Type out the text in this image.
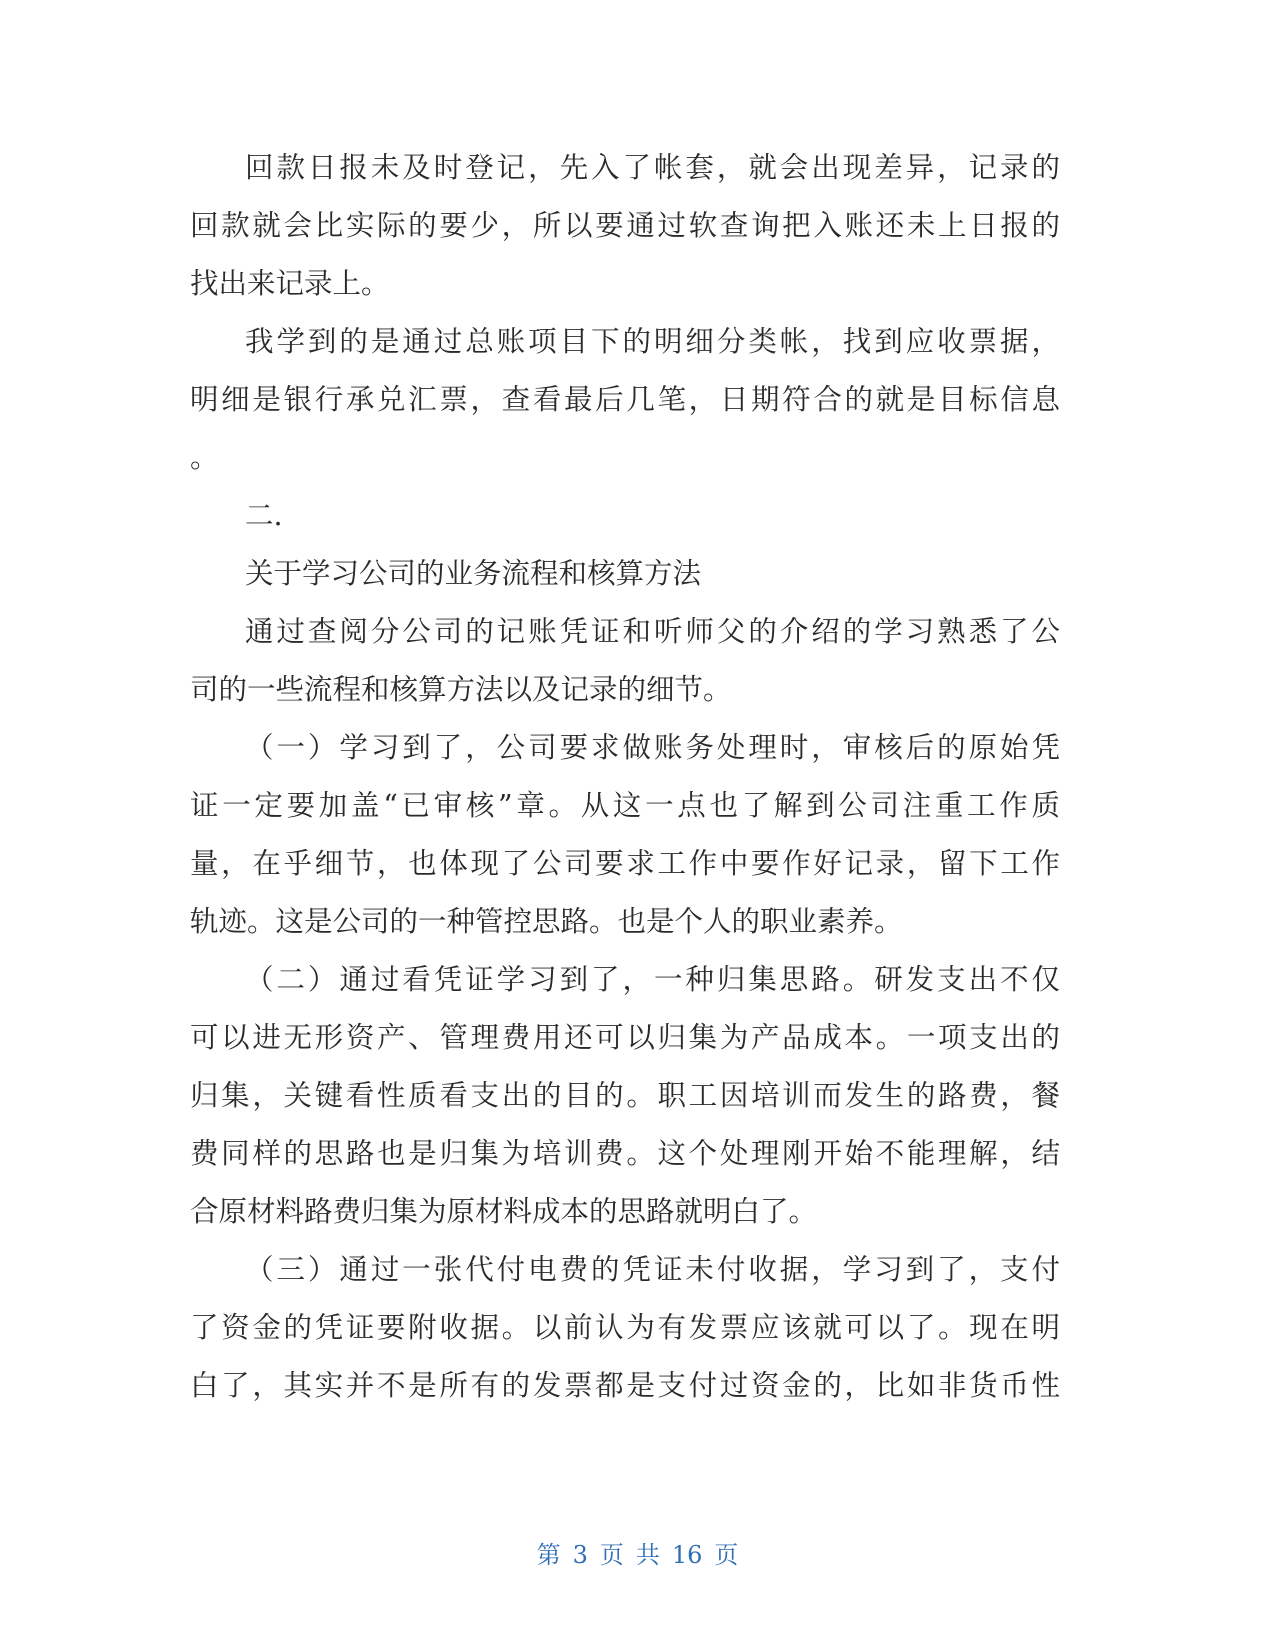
回款日报未及时登记，先入了帐套，就会出现差异，记录的
回款就会比实际的要少，所以要通过软查询把入账还未上日报的
找出来记录上。
我学到的是通过总账项目下的明细分类帐，找到应收票据，
明细是银行承兑汇票，查看最后几笔，日期符合的就是目标信息
。
二.
关于学习公司的业务流程和核算方法
通过查阅分公司的记账凭证和听师父的介绍的学习熟悉了公
司的一些流程和核算方法以及记录的细节。
（一）学习到了，公司要求做账务处理时，审核后的原始凭
证一定要加盖“已审核”章。从这一点也了解到公司注重工作质
量，在乎细节，也体现了公司要求工作中要作好记录，留下工作
轨迹。这是公司的一种管控思路。也是个人的职业素养。
（二）通过看凭证学习到了，一种归集思路。研发支出不仅
可以进无形资产、管理费用还可以归集为产品成本。一项支出的
归集，关键看性质看支出的目的。职工因培训而发生的路费，餐
费同样的思路也是归集为培训费。这个处理刚开始不能理解，结
合原材料路费归集为原材料成本的思路就明白了。
（三）通过一张代付电费的凭证未付收据，学习到了，支付
了资金的凭证要附收据。以前认为有发票应该就可以了。现在明
白了，其实并不是所有的发票都是支付过资金的，比如非货币性
第 3 页 共 16 页
